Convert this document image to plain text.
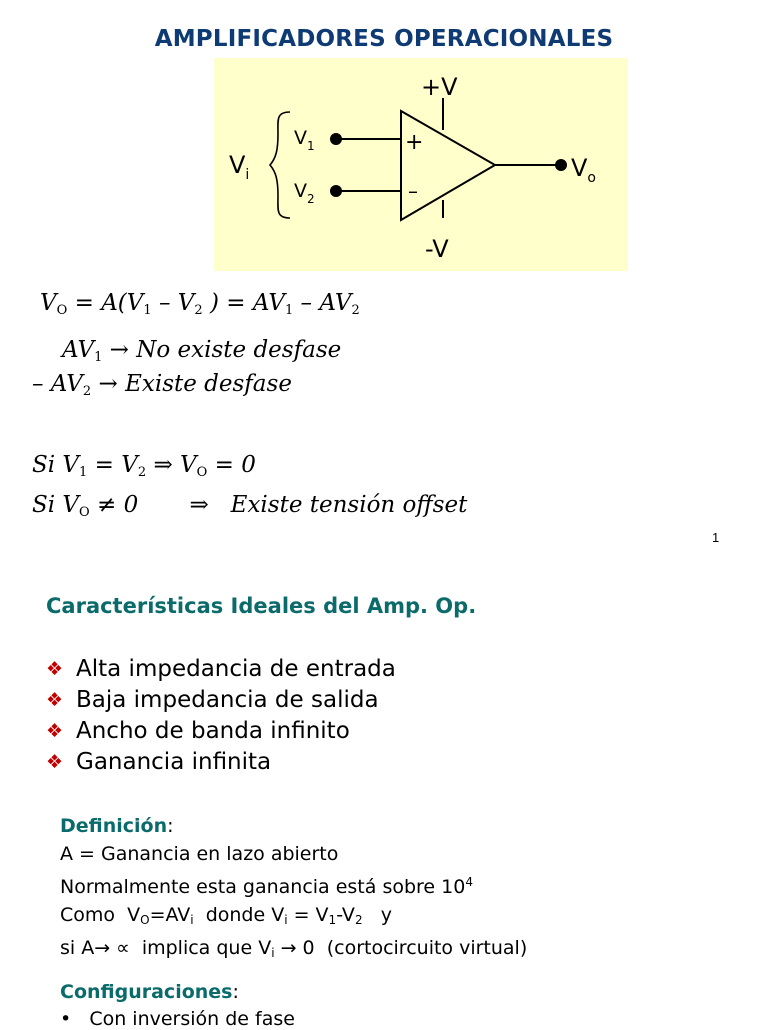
AMPLIFICADORES OPERACIONALES
+V
-V
+
–
$V_1$
$V_2$
$V_i$	$V_o$
$V_O = A(V_1 - V_2$ ) = $AV_1 - AV_2$
$AV_1 \to No$ existe desfase
– $AV_2$ → Existe desfase
Si $V_1 = V_2$ ⇒ $V_O = 0$
Si $V_O \ne 0$       ⇒   Existe tensión offset
1
Características Ideales del Amp. Op.
❖ Alta impedancia de entrada
❖ Baja impedancia de salida
❖ Ancho de banda infinito
❖ Ganancia infinita
Definición:
A = Ganancia en lazo abierto
Normalmente esta ganancia está sobre $10^4$
Como  $V_O=AV_i$  donde $V_i = V_1-V_2$   y
si A→ ∝  implica que $V_i \to 0$  (cortocircuito virtual)
Configuraciones:
•   Con inversión de fase
